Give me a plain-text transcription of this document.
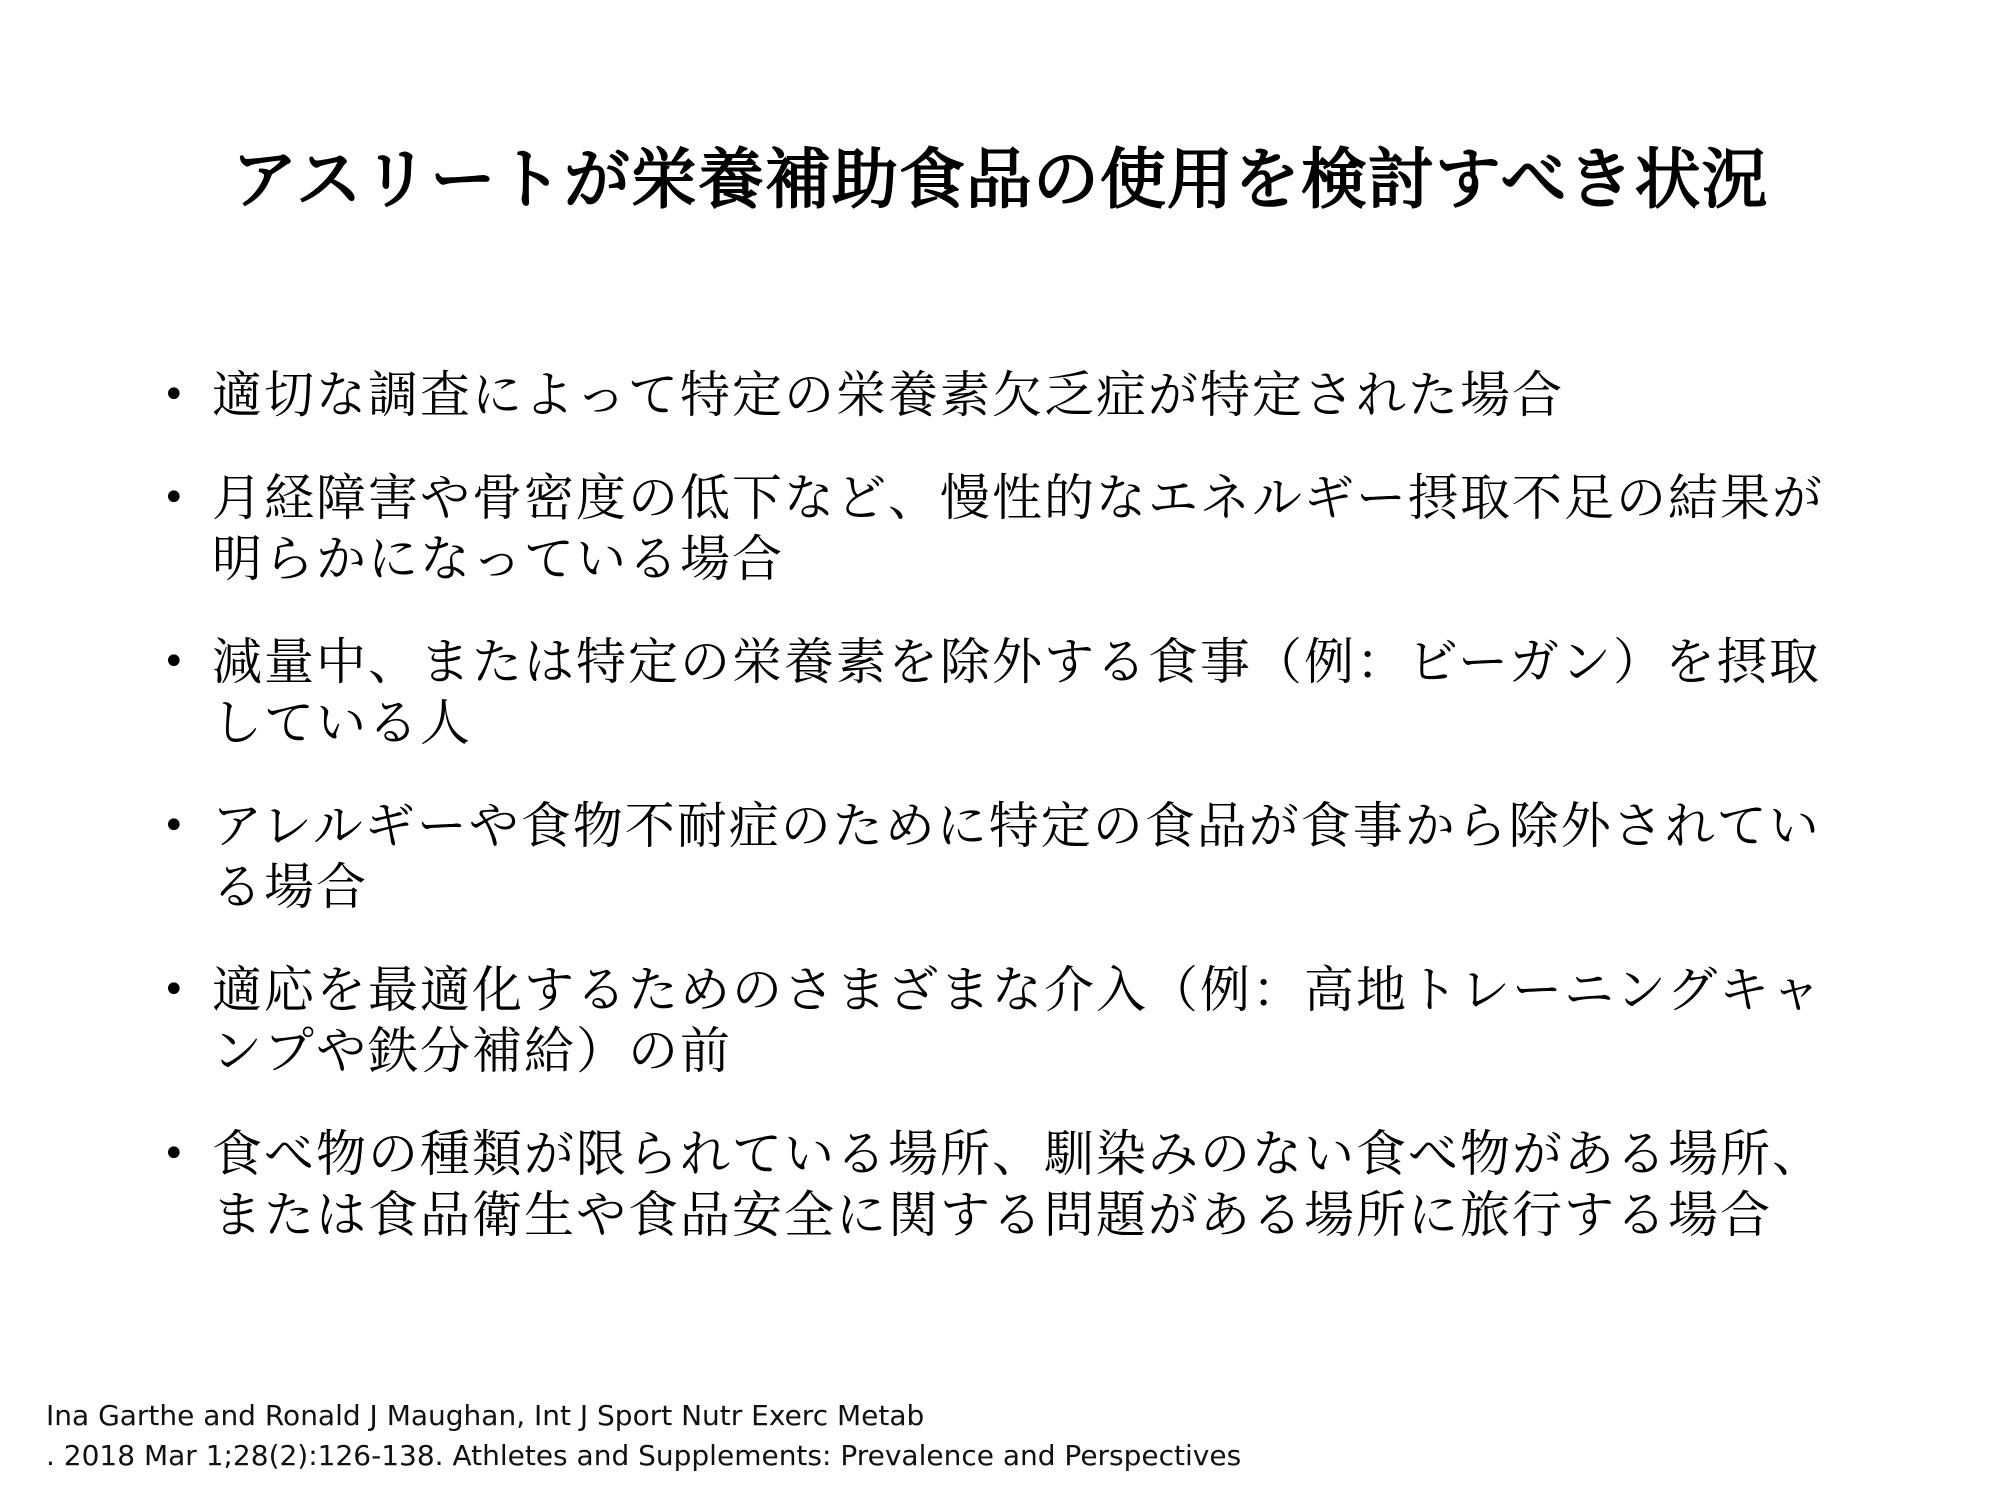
アスリートが栄養補助食品の使用を検討すべき状況
• 適切な調査によって特定の栄養素欠乏症が特定された場合
• 月経障害や骨密度の低下など、慢性的なエネルギー摂取不足の結果が明らかになっている場合
• 減量中、または特定の栄養素を除外する食事（例：ビーガン）を摂取している人
• アレルギーや食物不耐症のために特定の食品が食事から除外されている場合
• 適応を最適化するためのさまざまな介入（例：高地トレーニングキャンプや鉄分補給）の前
• 食べ物の種類が限られている場所、馴染みのない食べ物がある場所、または食品衛生や食品安全に関する問題がある場所に旅行する場合
Ina Garthe and Ronald J Maughan, Int J Sport Nutr Exerc Metab
. 2018 Mar 1;28(2):126-138. Athletes and Supplements: Prevalence and Perspectives
